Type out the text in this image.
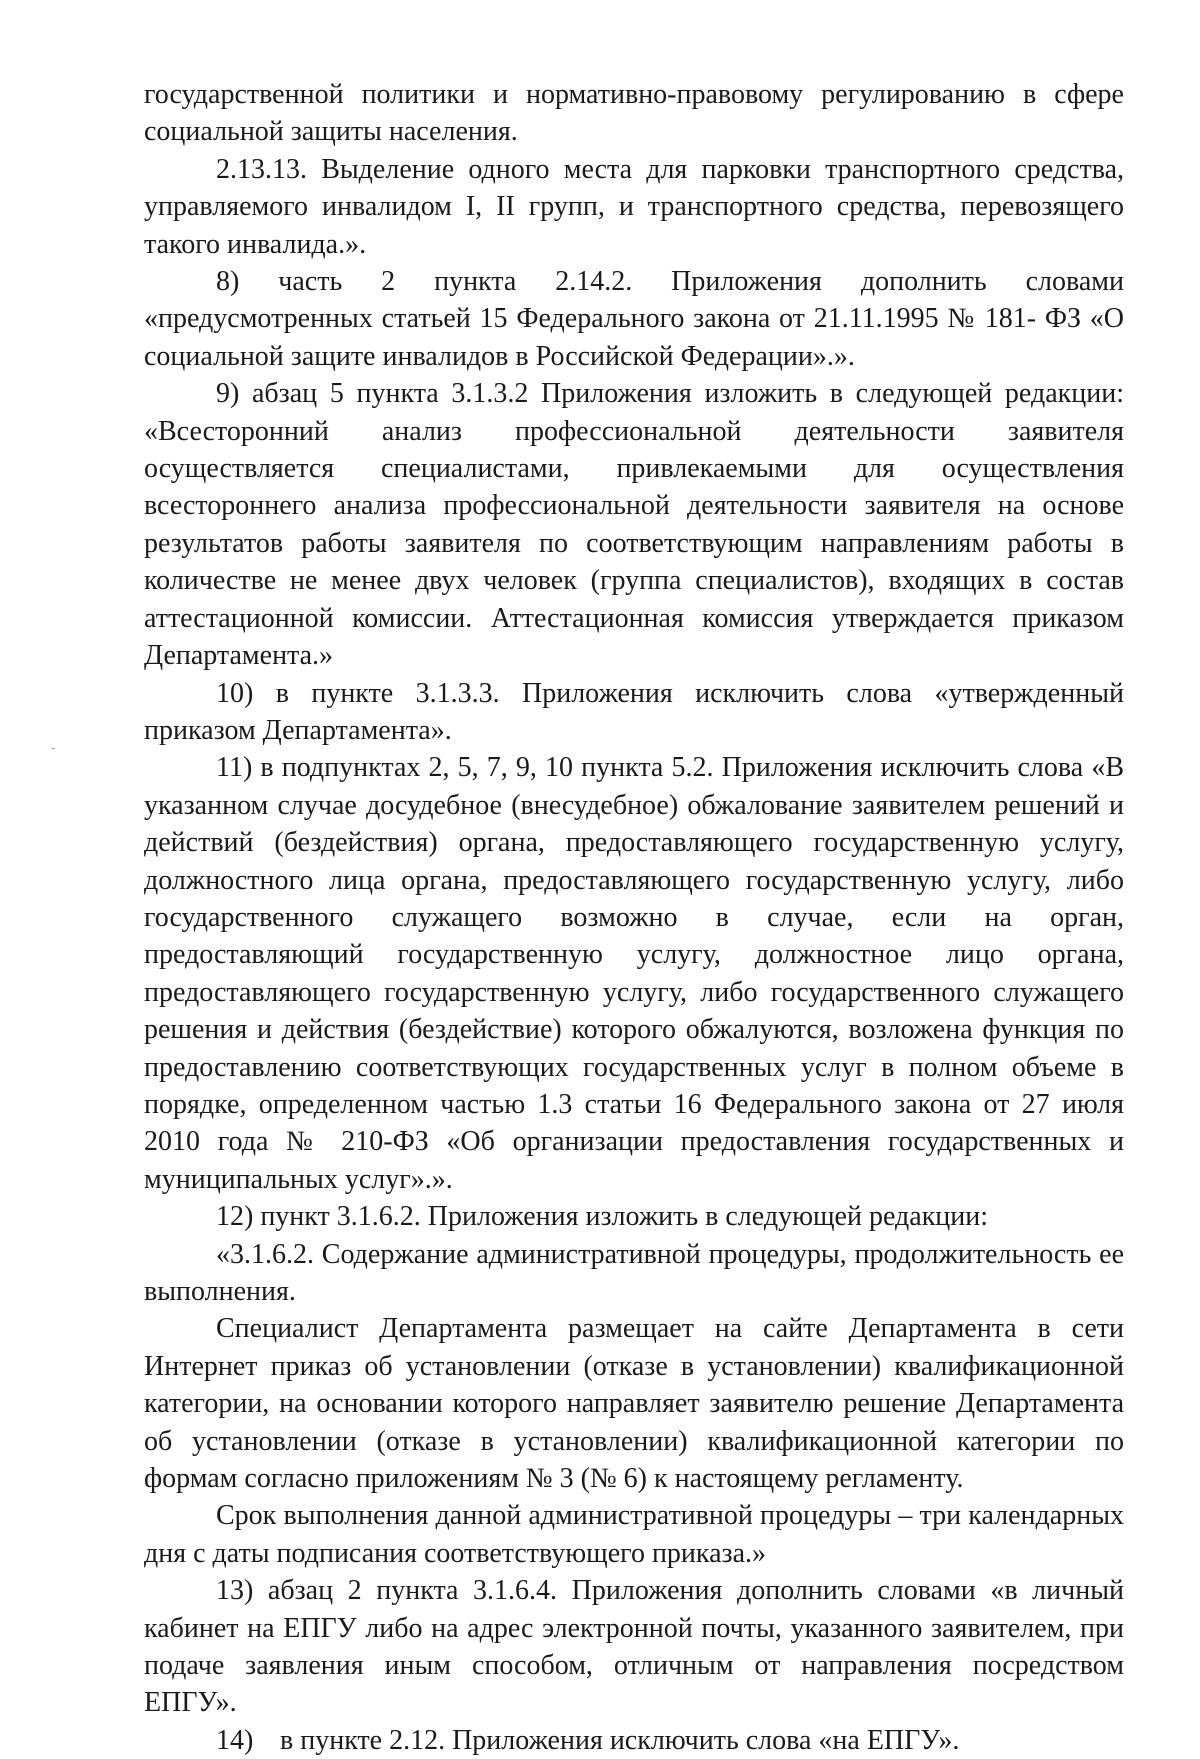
государственной политики и нормативно-правовому регулированию в сфере социальной защиты населения.

2.13.13. Выделение одного места для парковки транспортного средства, управляемого инвалидом I, II групп, и транспортного средства, перевозящего такого инвалида.».

8) часть 2 пункта 2.14.2. Приложения дополнить словами «предусмотренных статьей 15 Федерального закона от 21.11.1995 № 181- ФЗ «О социальной защите инвалидов в Российской Федерации».».

9) абзац 5 пункта 3.1.3.2 Приложения изложить в следующей редакции: «Всесторонний анализ профессиональной деятельности заявителя осуществляется специалистами, привлекаемыми для осуществления всестороннего анализа профессиональной деятельности заявителя на основе результатов работы заявителя по соответствующим направлениям работы в количестве не менее двух человек (группа специалистов), входящих в состав аттестационной комиссии. Аттестационная комиссия утверждается приказом Департамента.»

10) в пункте 3.1.3.3. Приложения исключить слова «утвержденный приказом Департамента».

11) в подпунктах 2, 5, 7, 9, 10 пункта 5.2. Приложения исключить слова «В указанном случае досудебное (внесудебное) обжалование заявителем решений и действий (бездействия) органа, предоставляющего государственную услугу, должностного лица органа, предоставляющего государственную услугу, либо государственного служащего возможно в случае, если на орган, предоставляющий государственную услугу, должностное лицо органа, предоставляющего государственную услугу, либо государственного служащего решения и действия (бездействие) которого обжалуются, возложена функция по предоставлению соответствующих государственных услуг в полном объеме в порядке, определенном частью 1.3 статьи 16 Федерального закона от 27 июля 2010 года № 210-ФЗ «Об организации предоставления государственных и муниципальных услуг».».

12) пункт 3.1.6.2. Приложения изложить в следующей редакции:

«3.1.6.2. Содержание административной процедуры, продолжительность ее выполнения.

Специалист Департамента размещает на сайте Департамента в сети Интернет приказ об установлении (отказе в установлении) квалификационной категории, на основании которого направляет заявителю решение Департамента об установлении (отказе в установлении) квалификационной категории по формам согласно приложениям № 3 (№ 6) к настоящему регламенту.

Срок выполнения данной административной процедуры – три календарных дня с даты подписания соответствующего приказа.»

13) абзац 2 пункта 3.1.6.4. Приложения дополнить словами «в личный кабинет на ЕПГУ либо на адрес электронной почты, указанного заявителем, при подаче заявления иным способом, отличным от направления посредством ЕПГУ».

14) в пункте 2.12. Приложения исключить слова «на ЕПГУ».
